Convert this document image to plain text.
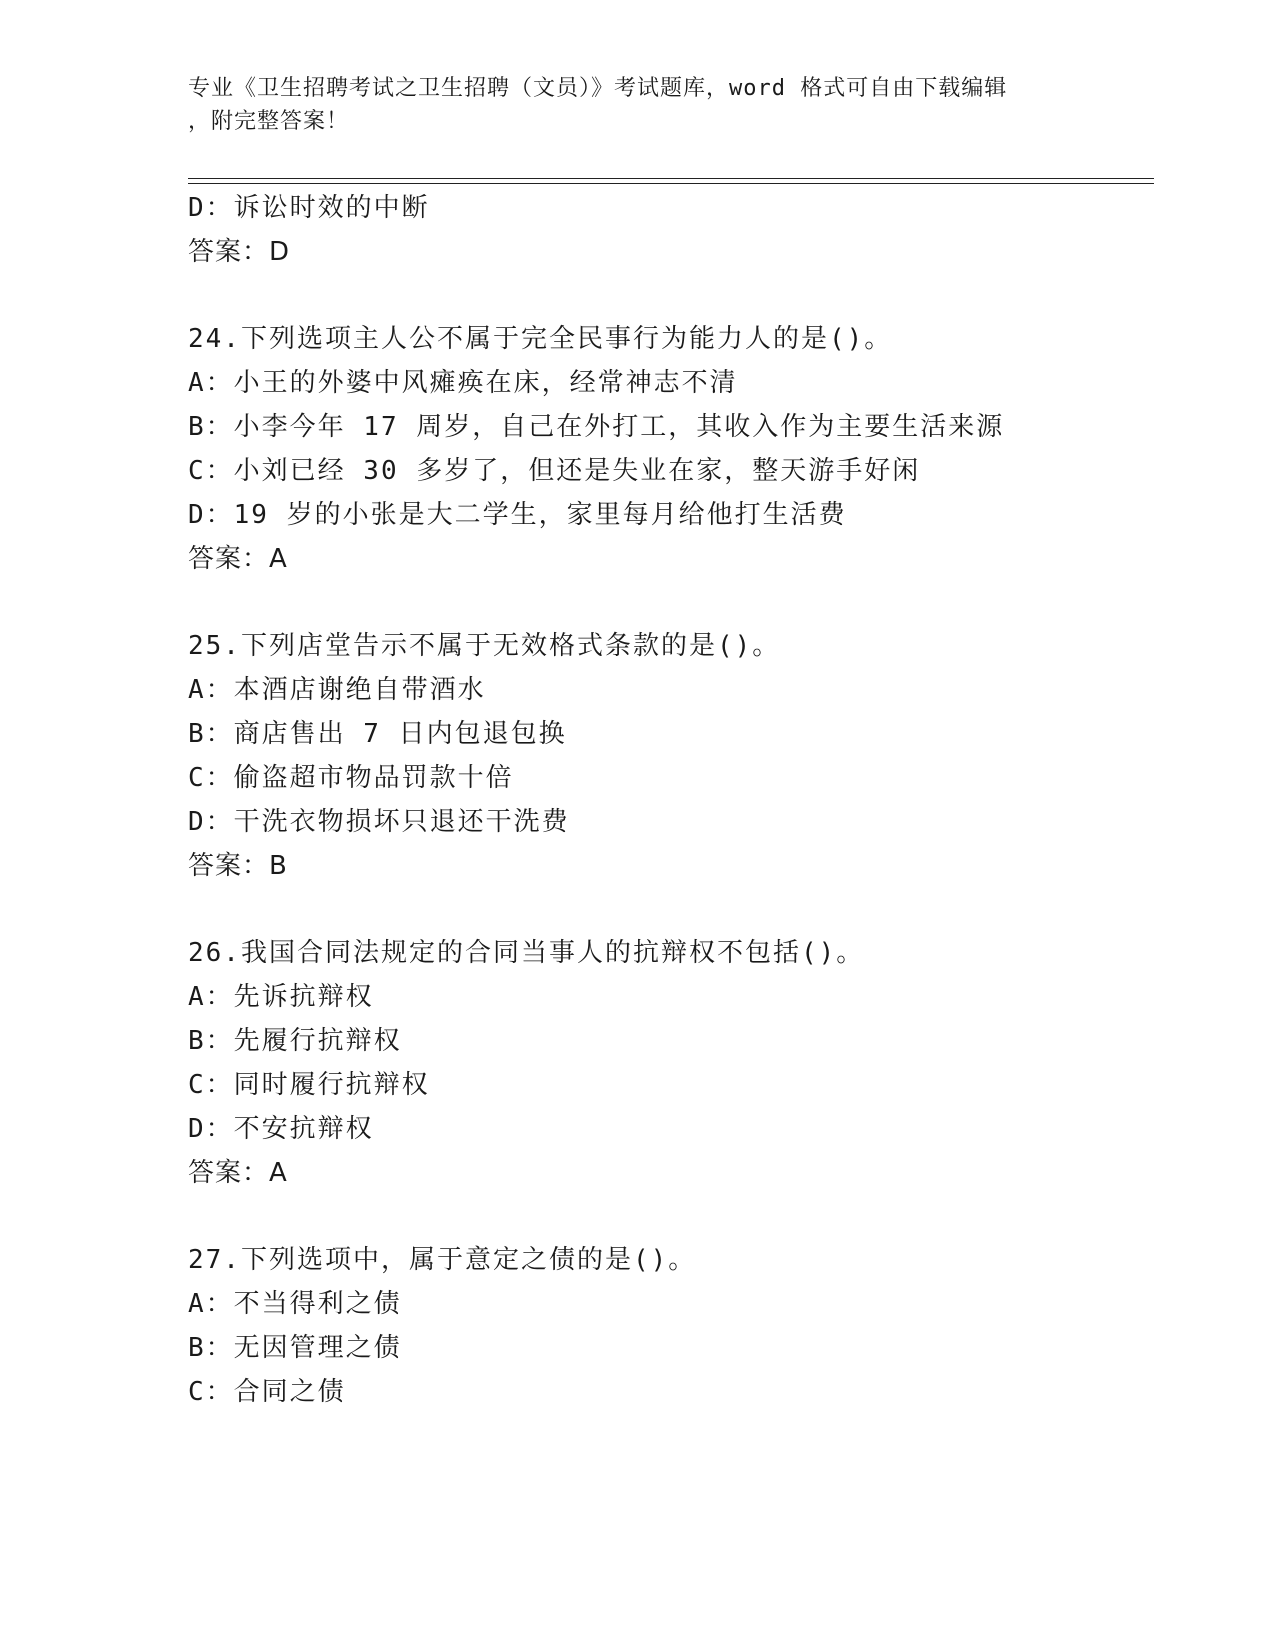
专业《卫生招聘考试之卫生招聘（文员）》考试题库，word 格式可自由下载编辑
，附完整答案！
D：诉讼时效的中断
答案：D
24.下列选项主人公不属于完全民事行为能力人的是()。
A：小王的外婆中风瘫痪在床，经常神志不清
B：小李今年 17 周岁，自己在外打工，其收入作为主要生活来源
C：小刘已经 30 多岁了，但还是失业在家，整天游手好闲
D：19 岁的小张是大二学生，家里每月给他打生活费
答案：A
25.下列店堂告示不属于无效格式条款的是()。
A：本酒店谢绝自带酒水
B：商店售出 7 日内包退包换
C：偷盗超市物品罚款十倍
D：干洗衣物损坏只退还干洗费
答案：B
26.我国合同法规定的合同当事人的抗辩权不包括()。
A：先诉抗辩权
B：先履行抗辩权
C：同时履行抗辩权
D：不安抗辩权
答案：A
27.下列选项中，属于意定之债的是()。
A：不当得利之债
B：无因管理之债
C：合同之债
